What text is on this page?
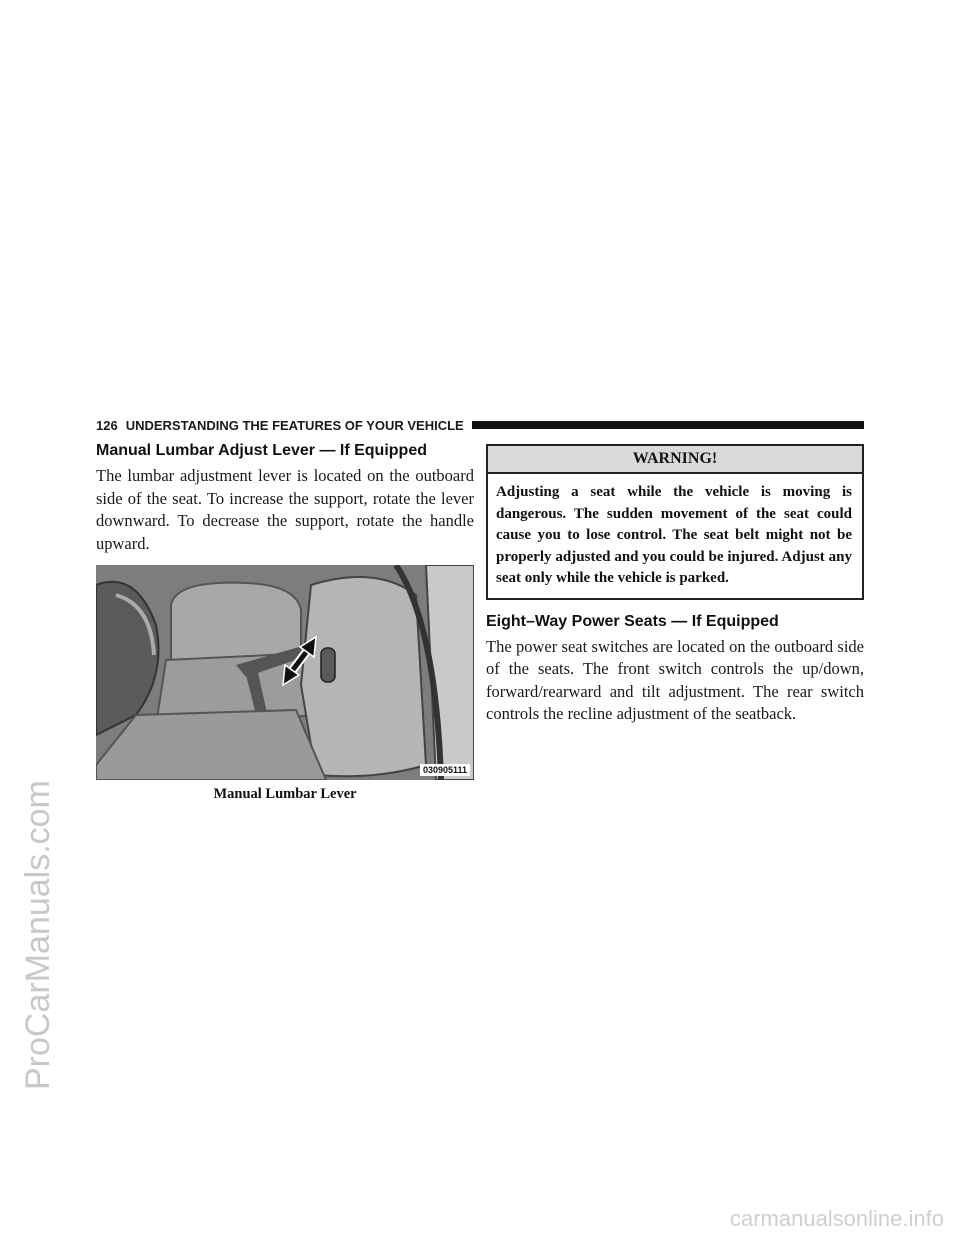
ProCarManuals.com
126 UNDERSTANDING THE FEATURES OF YOUR VEHICLE
Manual Lumbar Adjust Lever — If Equipped

The lumbar adjustment lever is located on the outboard side of the seat. To increase the support, rotate the lever downward. To decrease the support, rotate the handle upward.

030905111
Manual Lumbar Lever
WARNING!
Adjusting a seat while the vehicle is moving is dangerous. The sudden movement of the seat could cause you to lose control. The seat belt might not be properly adjusted and you could be injured. Adjust any seat only while the vehicle is parked.
Eight–Way Power Seats — If Equipped

The power seat switches are located on the outboard side of the seats. The front switch controls the up/down, forward/rearward and tilt adjustment. The rear switch controls the recline adjustment of the seatback.

carmanualsonline.info
